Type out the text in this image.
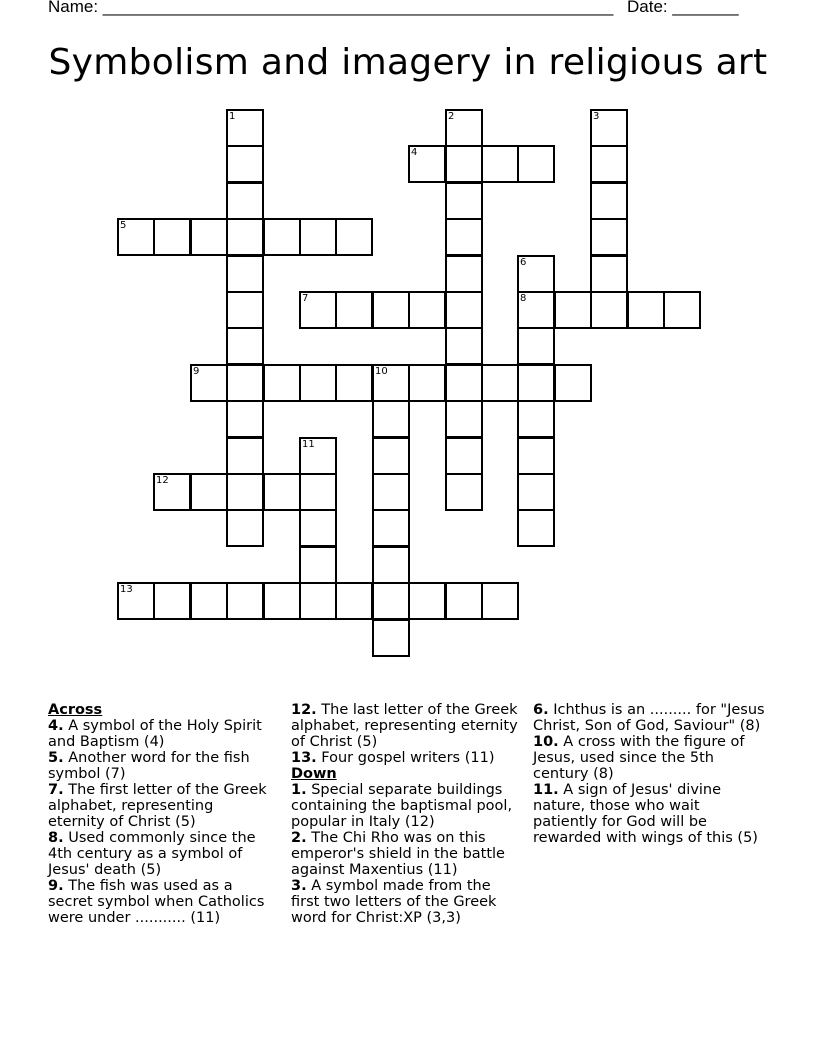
Name: ______________________________________________________ Date: _______
Symbolism and imagery in religious art
1	2	3
4
5
6
8
7
9	10
11
12
13
Across
4. A symbol of the Holy Spirit and Baptism (4)
5. Another word for the fish symbol (7)
7. The first letter of the Greek alphabet, representing eternity of Christ (5)
8. Used commonly since the 4th century as a symbol of Jesus' death (5)
9. The fish was used as a secret symbol when Catholics were under ........... (11)
12. The last letter of the Greek alphabet, representing eternity of Christ (5)
13. Four gospel writers (11)
Down
1. Special separate buildings containing the baptismal pool, popular in Italy (12)
2. The Chi Rho was on this emperor's shield in the battle against Maxentius (11)
3. A symbol made from the first two letters of the Greek word for Christ:XP (3,3)
6. Ichthus is an ......... for "Jesus Christ, Son of God, Saviour" (8)
10. A cross with the figure of Jesus, used since the 5th century (8)
11. A sign of Jesus' divine nature, those who wait patiently for God will be rewarded with wings of this (5)
